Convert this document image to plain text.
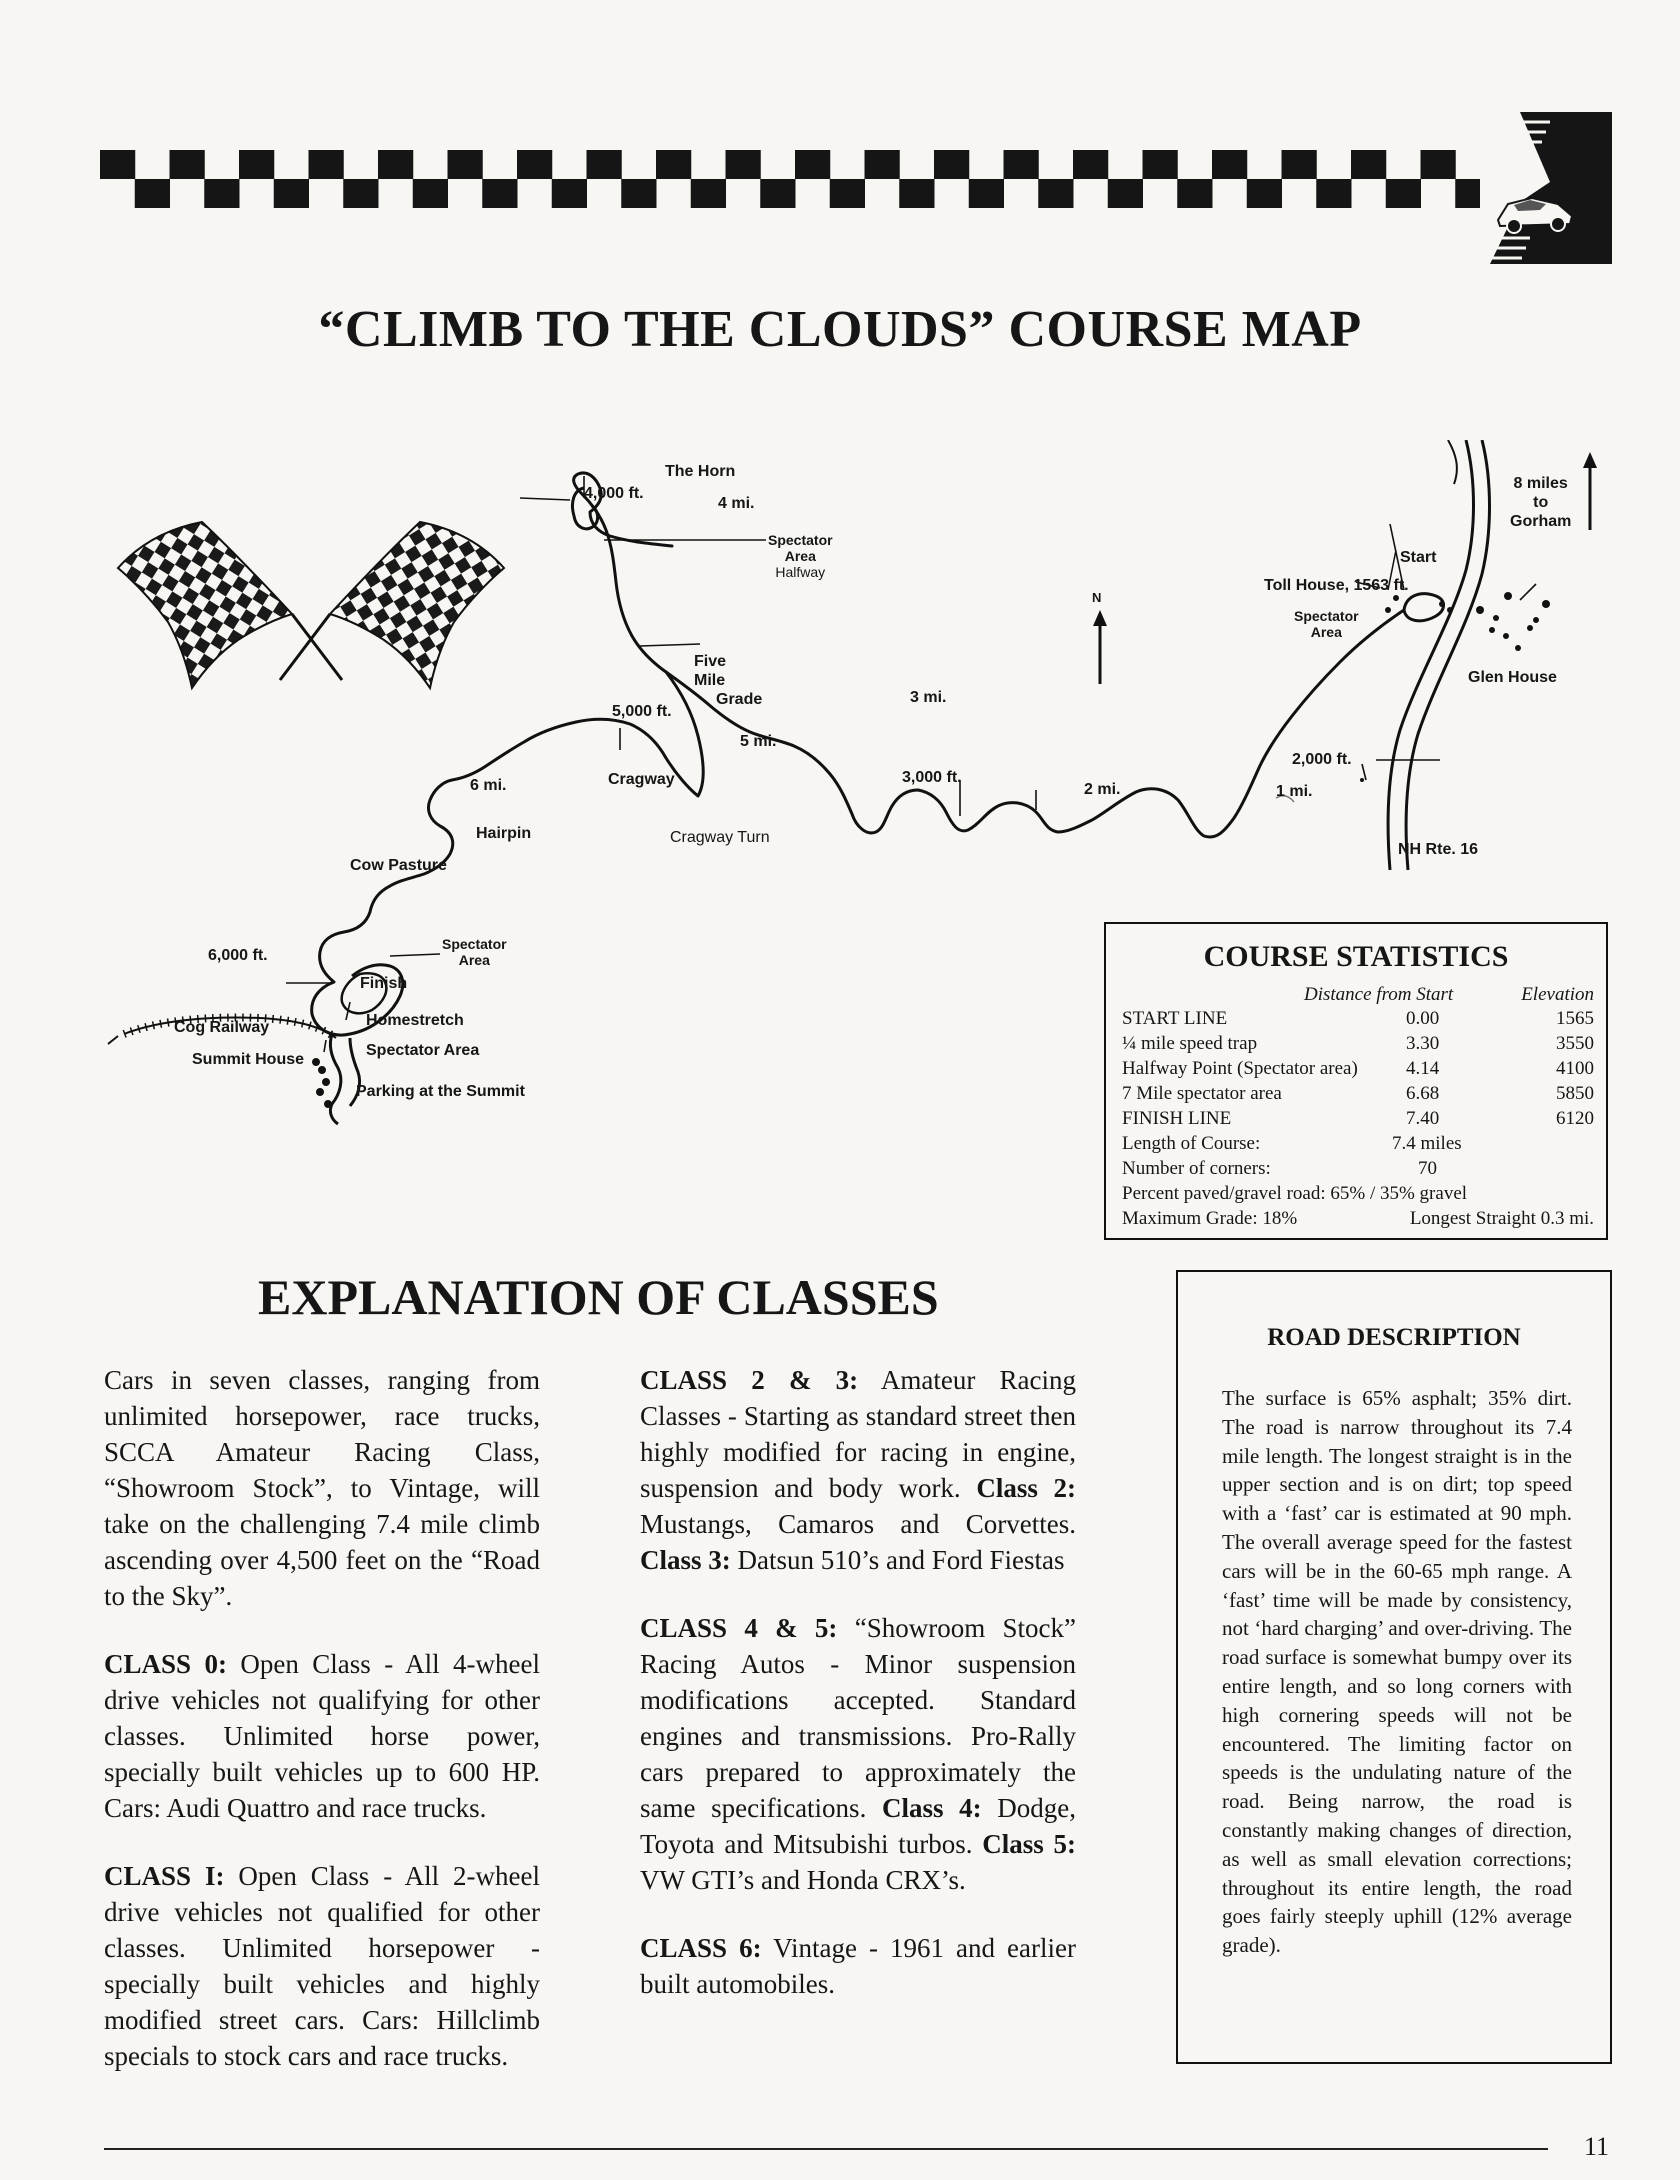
“CLIMB TO THE CLOUDS” COURSE MAP
The Horn
4,000 ft.
4 mi.
Spectator
Area
Halfway
Five
Mile
Grade
5,000 ft.
5 mi.
Cragway
Cragway Turn
6 mi.
Hairpin
Cow Pasture
3 mi.
3,000 ft.
2 mi.
N
2,000 ft.
1 mi.
Start
Toll House, 1563 ft.
Spectator
Area
Glen House
8 miles
to
Gorham
NH Rte. 16
6,000 ft.
Spectator
Area
Finish
Homestretch
Spectator Area
Cog Railway
Summit House
Parking at the Summit
COURSE STATISTICS
Distance from Start	Elevation
START LINE	0.00	1565
¼ mile speed trap	3.30	3550
Halfway Point (Spectator area)	4.14	4100
7 Mile spectator area	6.68	5850
FINISH LINE	7.40	6120
Length of Course:	7.4 miles
Number of corners:	70
Percent paved/gravel road: 65% / 35% gravel
Maximum Grade: 18%	Longest Straight 0.3 mi.
EXPLANATION OF CLASSES

Cars in seven classes, ranging from unlimited horsepower, race trucks, SCCA Amateur Racing Class, “Showroom Stock”, to Vintage, will take on the challenging 7.4 mile climb ascending over 4,500 feet on the “Road to the Sky”.

CLASS 0: Open Class - All 4-wheel drive vehicles not qualifying for other classes. Unlimited horse power, specially built vehicles up to 600 HP. Cars: Audi Quattro and race trucks.

CLASS I: Open Class - All 2-wheel drive vehicles not qualified for other classes. Unlimited horsepower - specially built vehicles and highly modified street cars. Cars: Hillclimb specials to stock cars and race trucks.

CLASS 2 & 3: Amateur Racing Classes - Starting as standard street then highly modified for racing in engine, suspension and body work. Class 2: Mustangs, Camaros and Corvettes. Class 3: Datsun 510’s and Ford Fiestas

CLASS 4 & 5: “Showroom Stock” Racing Autos - Minor suspension modifications accepted. Standard engines and transmissions. Pro-Rally cars prepared to approximately the same specifications. Class 4: Dodge, Toyota and Mitsubishi turbos. Class 5: VW GTI’s and Honda CRX’s.

CLASS 6: Vintage - 1961 and earlier built automobiles.

ROAD DESCRIPTION
The surface is 65% asphalt; 35% dirt. The road is narrow throughout its 7.4 mile length. The longest straight is in the upper section and is on dirt; top speed with a ‘fast’ car is estimated at 90 mph. The overall average speed for the fastest cars will be in the 60-65 mph range. A ‘fast’ time will be made by consistency, not ‘hard charging’ and over-driving. The road surface is somewhat bumpy over its entire length, and so long corners with high cornering speeds will not be encountered. The limiting factor on speeds is the undulating nature of the road. Being narrow, the road is constantly making changes of direction, as well as small elevation corrections; throughout its entire length, the road goes fairly steeply uphill (12% average grade).
11
